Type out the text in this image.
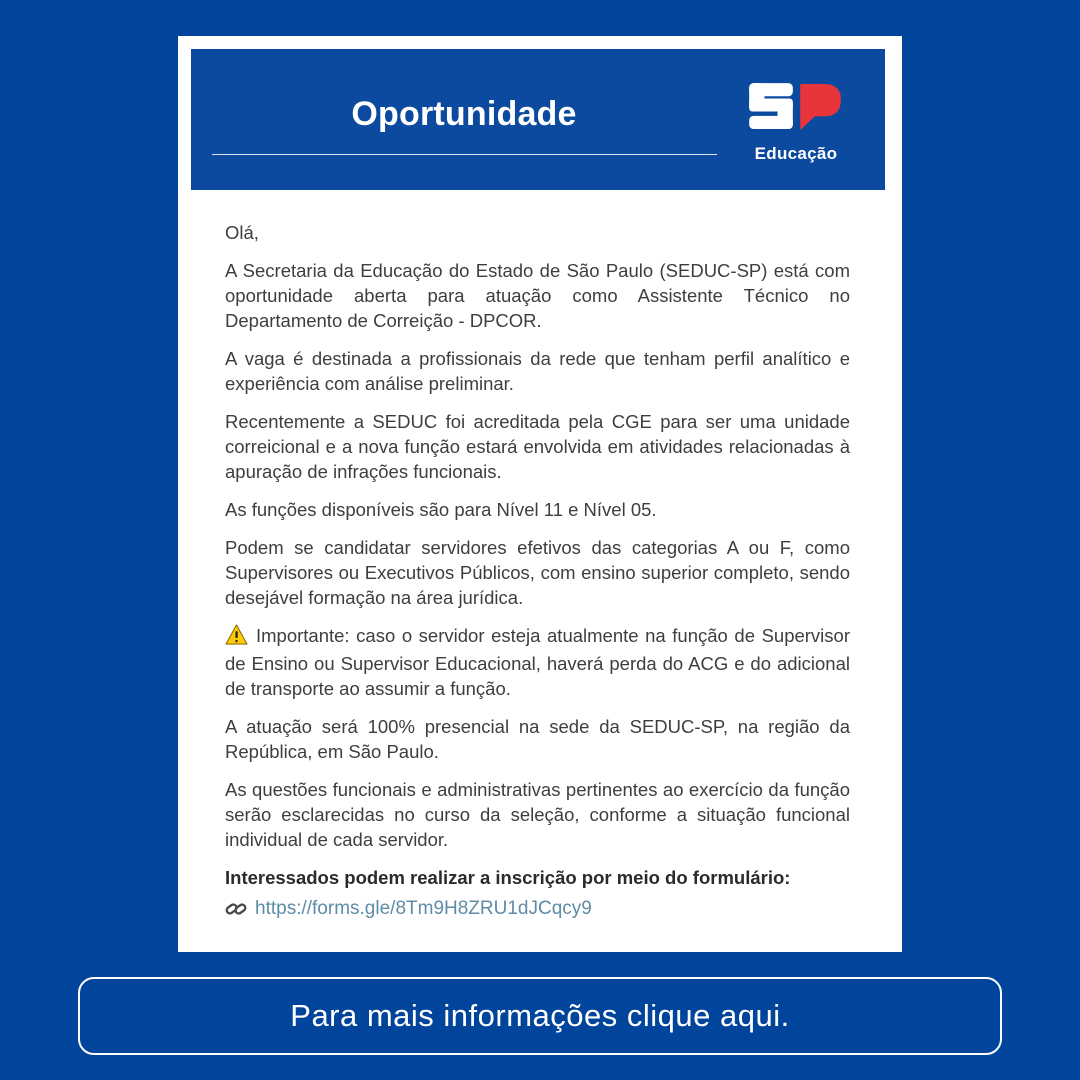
Oportunidade
Educação

Olá,

A Secretaria da Educação do Estado de São Paulo (SEDUC-SP) está com oportunidade aberta para atuação como Assistente Técnico no Departamento de Correição - DPCOR.

A vaga é destinada a profissionais da rede que tenham perfil analítico e experiência com análise preliminar.

Recentemente a SEDUC foi acreditada pela CGE para ser uma unidade correicional e a nova função estará envolvida em atividades relacionadas à apuração de infrações funcionais.

As funções disponíveis são para Nível 11 e Nível 05.

Podem se candidatar servidores efetivos das categorias A ou F, como Supervisores ou Executivos Públicos, com ensino superior completo, sendo desejável formação na área jurídica.

Importante: caso o servidor esteja atualmente na função de Supervisor de Ensino ou Supervisor Educacional, haverá perda do ACG e do adicional de transporte ao assumir a função.

A atuação será 100% presencial na sede da SEDUC-SP, na região da República, em São Paulo.

As questões funcionais e administrativas pertinentes ao exercício da função serão esclarecidas no curso da seleção, conforme a situação funcional individual de cada servidor.

Interessados podem realizar a inscrição por meio do formulário:

https://forms.gle/8Tm9H8ZRU1dJCqcy9
Para mais informações clique aqui.
